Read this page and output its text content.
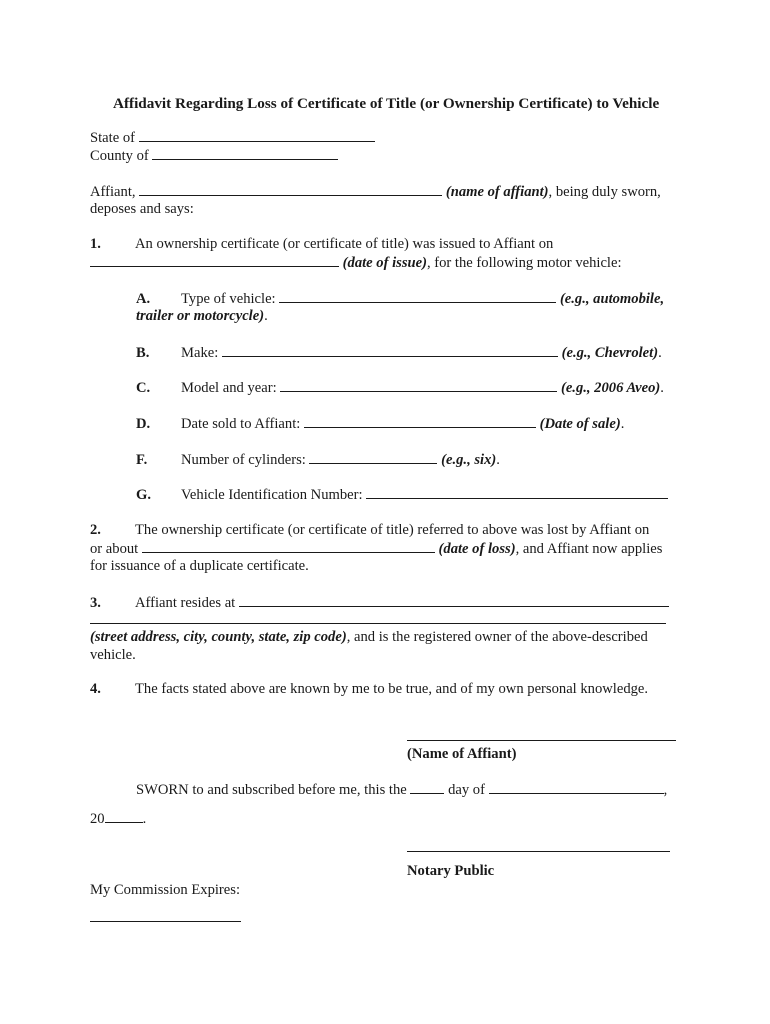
Affidavit Regarding Loss of Certificate of Title (or Ownership Certificate) to Vehicle
State of
County of
Affiant,	(name of affiant), being duly sworn,
deposes and says:
1. An ownership certificate (or certificate of title) was issued to Affiant on
(date of issue), for the following motor vehicle:
A. Type of vehicle:	(e.g., automobile,
trailer or motorcycle).
B. Make:	(e.g., Chevrolet).
C. Model and year:	(e.g., 2006 Aveo).
D. Date sold to Affiant:	(Date of sale).
F. Number of cylinders:	(e.g., six).
G. Vehicle Identification Number:
2. The ownership certificate (or certificate of title) referred to above was lost by Affiant on
or about	(date of loss), and Affiant now applies
for issuance of a duplicate certificate.
3. Affiant resides at
(street address, city, county, state, zip code), and is the registered owner of the above-described
vehicle.
4. The facts stated above are known by me to be true, and of my own personal knowledge.
(Name of Affiant)
SWORN to and subscribed before me, this the	day of	,
20	.
Notary Public
My Commission Expires:
